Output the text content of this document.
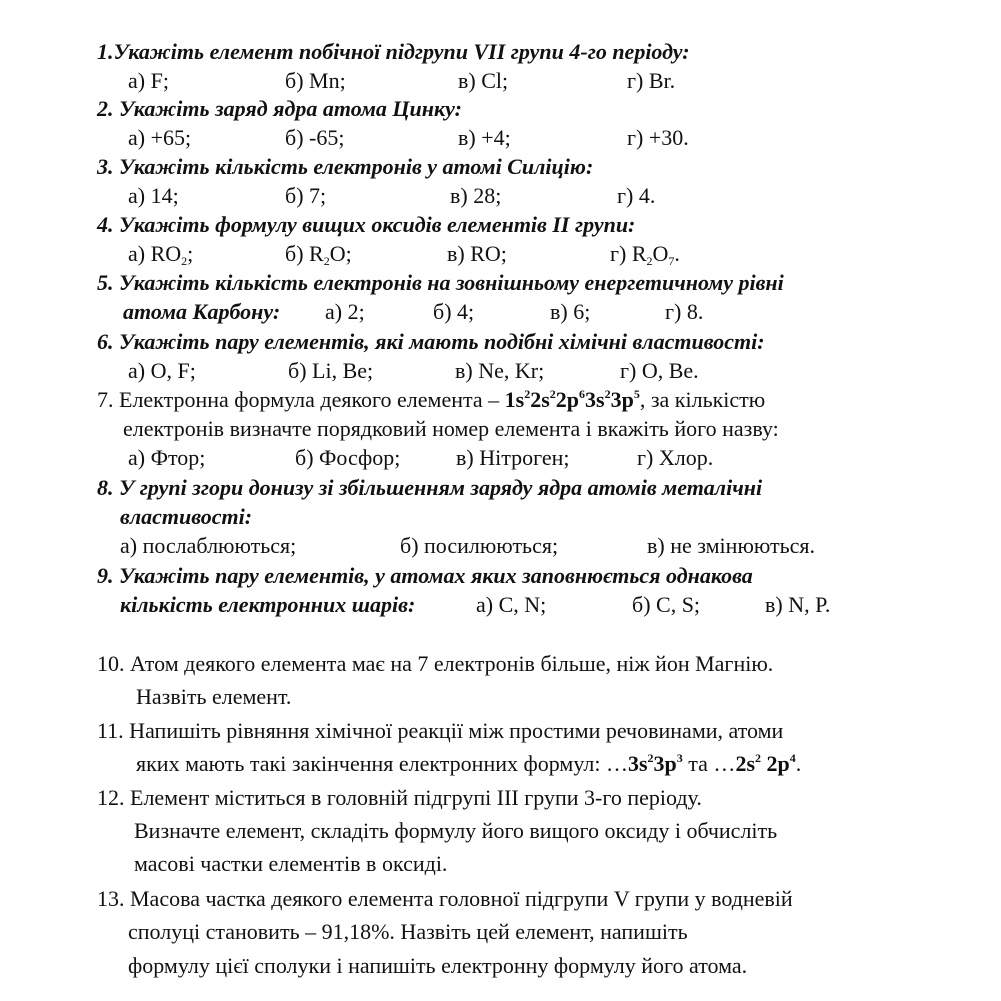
1.Укажіть елемент побічної підгрупи VII групи 4-го періоду:
а) F;	б) Mn;	в) Cl;	г) Br.
2. Укажіть заряд ядра атома Цинку:
а) +65;	б) -65;	в) +4;	г) +30.
3. Укажіть кількість електронів у атомі Силіцію:
а) 14;	б) 7;	в) 28;	г) 4.
4. Укажіть формулу вищих оксидів елементів II групи:
а) $RO_2$;	б) $R_2O$;	в) RO;	г) $R_2O_7$.
5. Укажіть кількість електронів на зовнішньому енергетичному рівні
атома Карбону: а) 2;	б) 4;	в) 6;	г) 8.
6. Укажіть пару елементів, які мають подібні хімічні властивості:
а) O, F;	б) Li, Be;	в) Ne, Kr;	г) O, Be.
7. Електронна формула деякого елемента – $1s^22s^22p^63s^23p^5$, за кількістю
електронів визначте порядковий номер елемента і вкажіть його назву:
а) Фтор;	б) Фосфор;	в) Нітроген;	г) Хлор.
8. У групі згори донизу зі збільшенням заряду ядра атомів металічні
властивості:
а) послаблюються;	б) посилюються;	в) не змінюються.
9. Укажіть пару елементів, у атомах яких заповнюється однакова
кількість електронних шарів:	а) C, N;	б) C, S;	в) N, P.
10. Атом деякого елемента має на 7 електронів більше, ніж йон Магнію.
Назвіть елемент.
11. Напишіть рівняння хімічної реакції між простими речовинами, атоми
яких мають такі закінчення електронних формул: $\dots 3s^23p^3$ та $\dots 2s^2$ $2p^4$.
12. Елемент міститься в головній підгрупі III групи 3-го періоду.
Визначте елемент, складіть формулу його вищого оксиду і обчисліть
масові частки елементів в оксиді.
13. Масова частка деякого елемента головної підгрупи V групи у водневій
сполуці становить – 91,18%. Назвіть цей елемент, напишіть
формулу цієї сполуки і напишіть електронну формулу його атома.
